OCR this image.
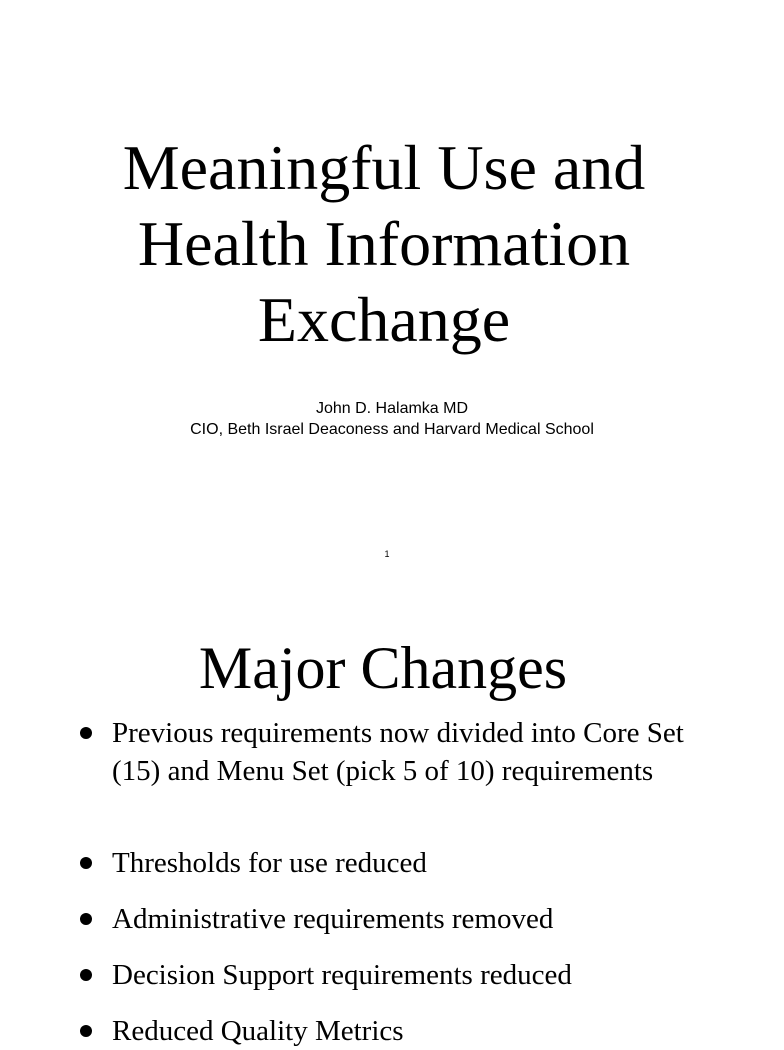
Meaningful Use and
Health Information
Exchange
John D. Halamka MD
CIO, Beth Israel Deaconess and Harvard Medical School
1
Major Changes
Previous requirements now divided into Core Set (15) and Menu Set (pick 5 of 10) requirements
Thresholds for use reduced
Administrative requirements removed
Decision Support requirements reduced
Reduced Quality Metrics
